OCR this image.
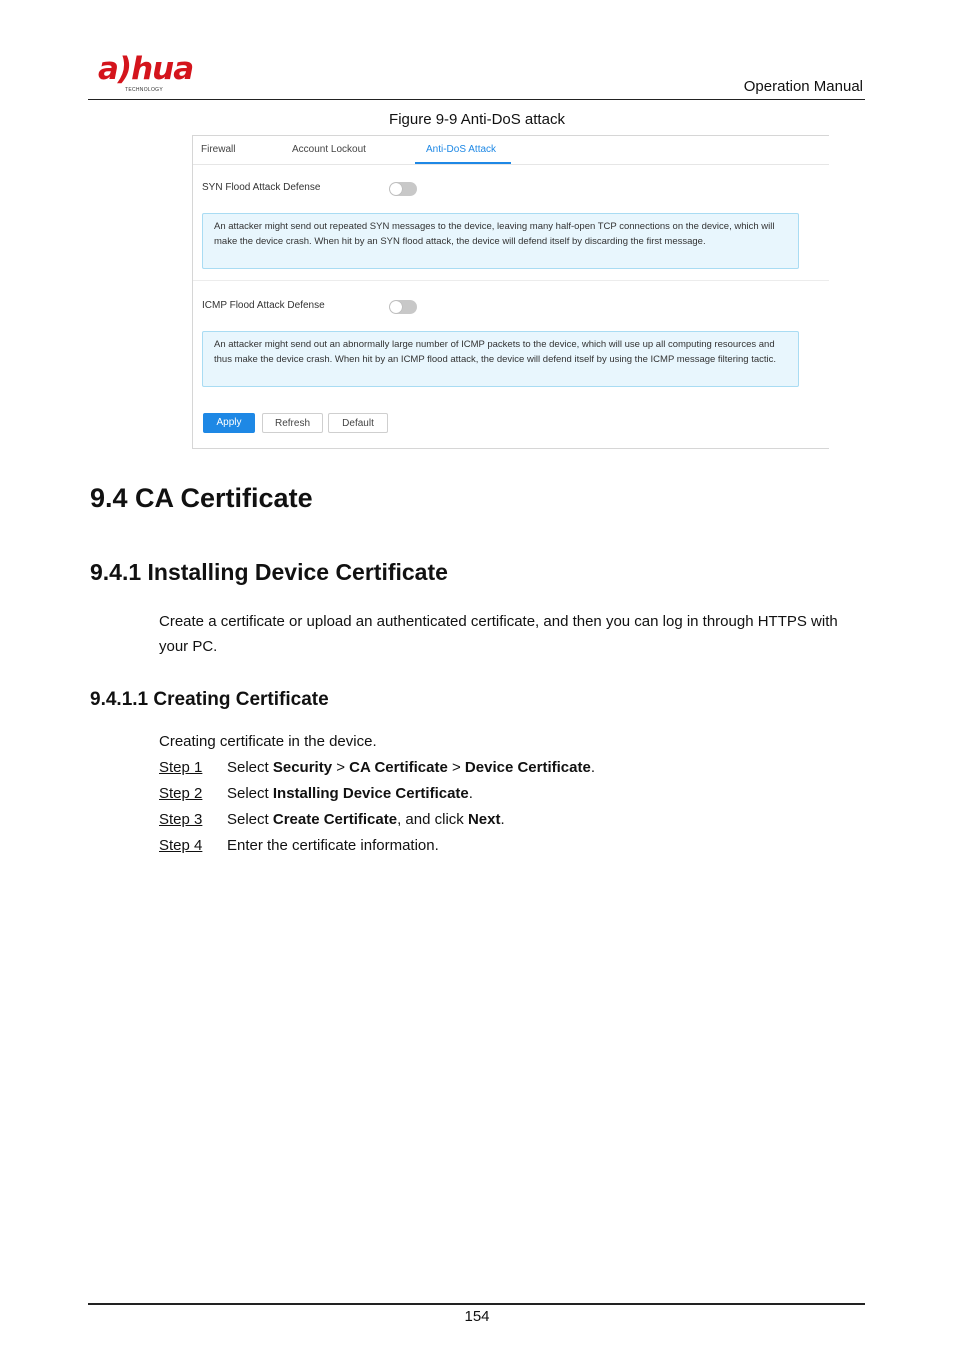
a)hua
TECHNOLOGY	Operation Manual
Figure 9-9 Anti-DoS attack
Firewall	Account Lockout	Anti-DoS Attack
SYN Flood Attack Defense
An attacker might send out repeated SYN messages to the device, leaving many half-open TCP connections on the device, which will make the device crash. When hit by an SYN flood attack, the device will defend itself by discarding the first message.
ICMP Flood Attack Defense
An attacker might send out an abnormally large number of ICMP packets to the device, which will use up all computing resources and thus make the device crash. When hit by an ICMP flood attack, the device will defend itself by using the ICMP message filtering tactic.
Apply	Refresh	Default
9.4 CA Certificate
9.4.1 Installing Device Certificate
Create a certificate or upload an authenticated certificate, and then you can log in through HTTPS with your PC.
9.4.1.1 Creating Certificate
Creating certificate in the device.
Step 1 Select Security > CA Certificate > Device Certificate.
Step 2 Select Installing Device Certificate.
Step 3 Select Create Certificate, and click Next.
Step 4 Enter the certificate information.
154
